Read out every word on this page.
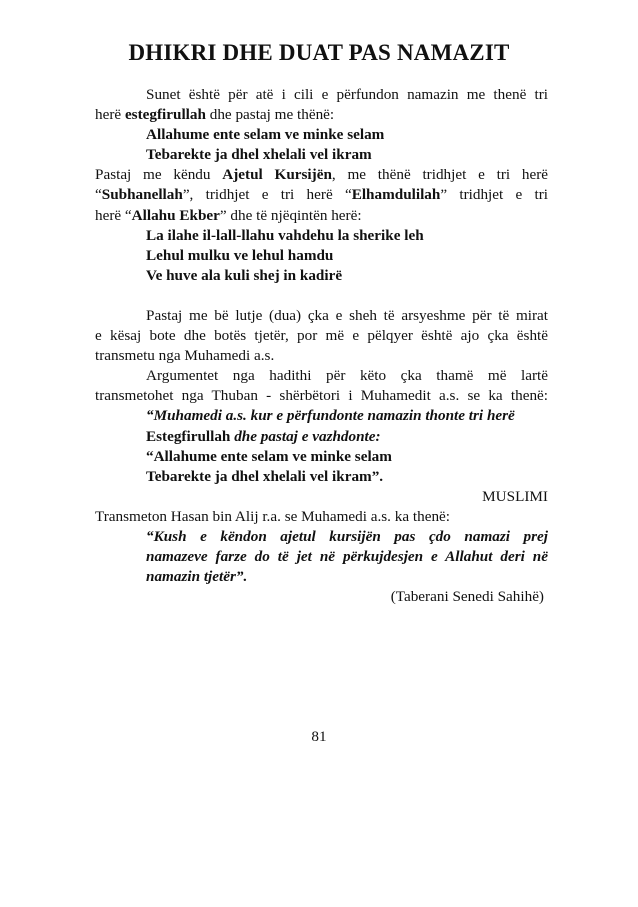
DHIKRI DHE DUAT PAS NAMAZIT

Sunet është për atë i cili e përfundon namazin me thenë tri

herë estegfirullah dhe pastaj me thënë:

Allahume ente selam ve minke selam

Tebarekte ja dhel xhelali vel ikram

Pastaj me këndu Ajetul Kursijën, me thënë tridhjet e tri herë

“Subhanellah”, tridhjet e tri herë “Elhamdulilah” tridhjet e tri

herë “Allahu Ekber” dhe të njëqintën herë:

La ilahe il-lall-llahu vahdehu la sherike leh

Lehul mulku ve lehul hamdu

Ve huve ala kuli shej in kadirë

Pastaj me bë lutje (dua) çka e sheh të arsyeshme për të mirat

e kësaj bote dhe botës tjetër, por më e pëlqyer është ajo çka është

transmetu nga Muhamedi a.s.

Argumentet nga hadithi për këto çka thamë më lartë

transmetohet nga Thuban - shërbëtori i Muhamedit a.s. se ka thenë:

“Muhamedi a.s. kur e përfundonte namazin thonte tri herë

Estegfirullah dhe pastaj e vazhdonte:

“Allahume ente selam ve minke selam

Tebarekte ja dhel xhelali vel ikram”.

MUSLIMI

Transmeton Hasan bin Alij r.a. se Muhamedi a.s. ka thenë:

“Kush e këndon ajetul kursijën pas çdo namazi prej

namazeve farze do të jet në përkujdesjen e Allahut deri në

namazin tjetër”.

(Taberani Senedi Sahihë)

81
